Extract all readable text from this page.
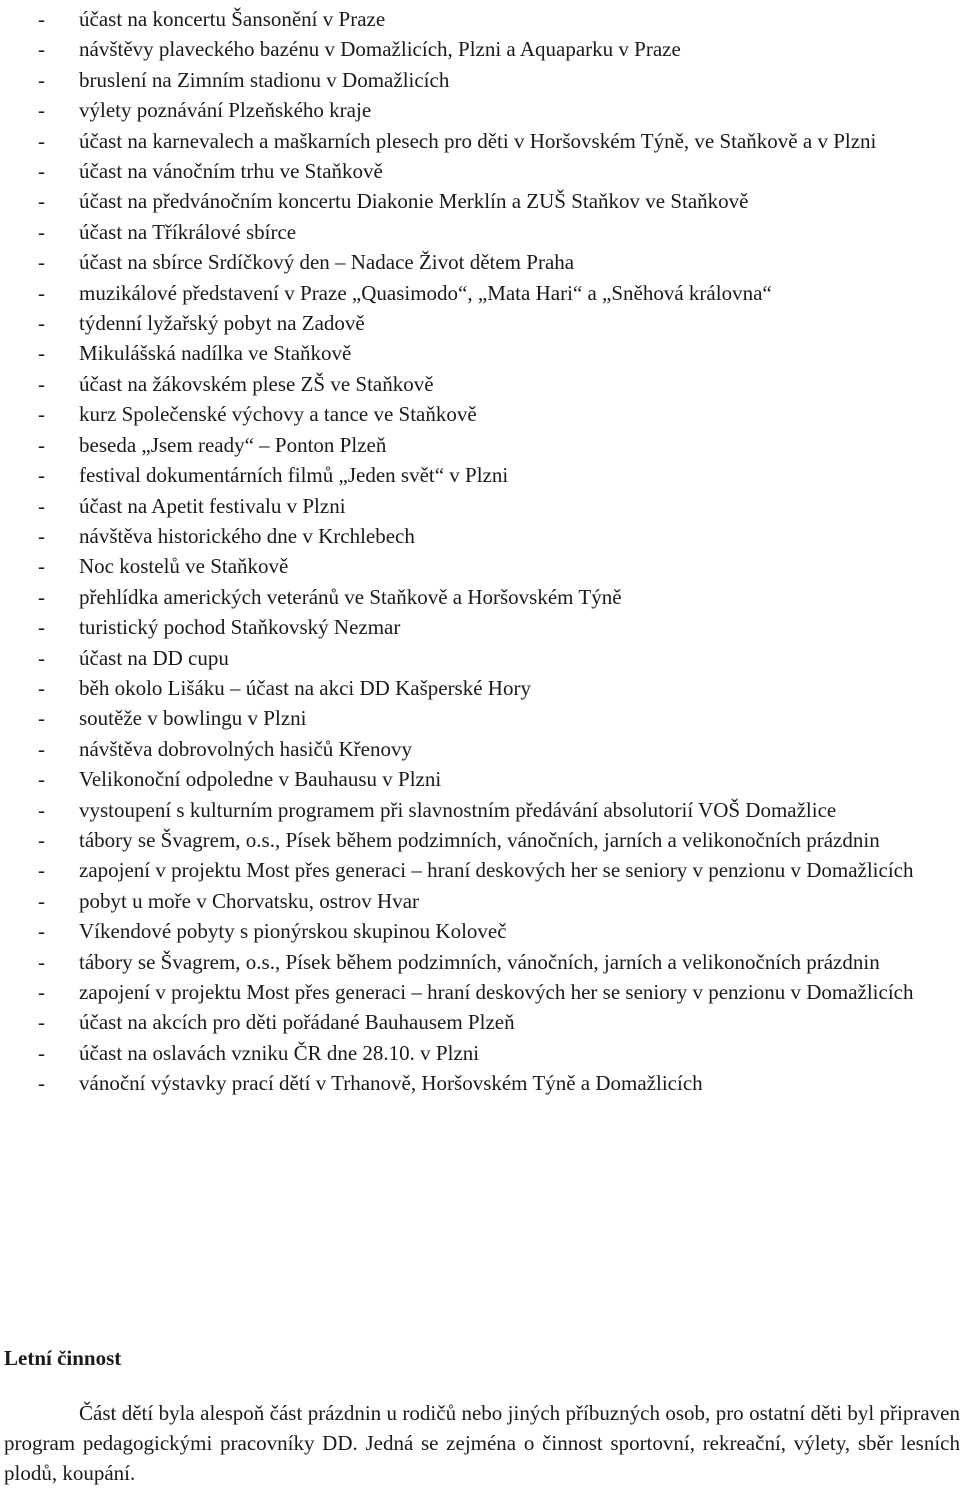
- účast na koncertu Šansonění v Praze
- návštěvy plaveckého bazénu v Domažlicích, Plzni a Aquaparku v Praze
- bruslení na Zimním stadionu v Domažlicích
- výlety poznávání Plzeňského kraje
- účast na karnevalech a maškarních plesech pro děti v Horšovském Týně, ve Staňkově a v Plzni
- účast na vánočním trhu ve Staňkově
- účast na předvánočním koncertu Diakonie Merklín a ZUŠ Staňkov ve Staňkově
- účast na Tříkrálové sbírce
- účast na sbírce Srdíčkový den – Nadace Život dětem Praha
- muzikálové představení v Praze „Quasimodo“, „Mata Hari“ a „Sněhová královna“
- týdenní lyžařský pobyt na Zadově
- Mikulášská nadílka ve Staňkově
- účast na žákovském plese ZŠ ve Staňkově
- kurz Společenské výchovy a tance ve Staňkově
- beseda „Jsem ready“ – Ponton Plzeň
- festival dokumentárních filmů „Jeden svět“ v Plzni
- účast na Apetit festivalu v Plzni
- návštěva historického dne v Krchlebech
- Noc kostelů ve Staňkově
- přehlídka amerických veteránů ve Staňkově a Horšovském Týně
- turistický pochod Staňkovský Nezmar
- účast na DD cupu
- běh okolo Lišáku – účast na akci DD Kašperské Hory
- soutěže v bowlingu v Plzni
- návštěva dobrovolných hasičů Křenovy
- Velikonoční odpoledne v Bauhausu v Plzni
- vystoupení s kulturním programem při slavnostním předávání absolutorií VOŠ Domažlice
- tábory se Švagrem, o.s., Písek během podzimních, vánočních, jarních a velikonočních prázdnin
- zapojení v projektu Most přes generaci – hraní deskových her se seniory v penzionu v Domažlicích
- pobyt u moře v Chorvatsku, ostrov Hvar
- Víkendové pobyty s pionýrskou skupinou Koloveč
- tábory se Švagrem, o.s., Písek během podzimních, vánočních, jarních a velikonočních prázdnin
- zapojení v projektu Most přes generaci – hraní deskových her se seniory v penzionu v Domažlicích
- účast na akcích pro děti pořádané Bauhausem Plzeň
- účast na oslavách vzniku ČR dne 28.10. v Plzni
- vánoční výstavky prací dětí v Trhanově, Horšovském Týně a Domažlicích
Letní činnost

Část dětí byla alespoň část prázdnin u rodičů nebo jiných příbuzných osob, pro ostatní děti byl připraven program pedagogickými pracovníky DD. Jedná se zejména o činnost sportovní, rekreační, výlety, sběr lesních plodů, koupání.
